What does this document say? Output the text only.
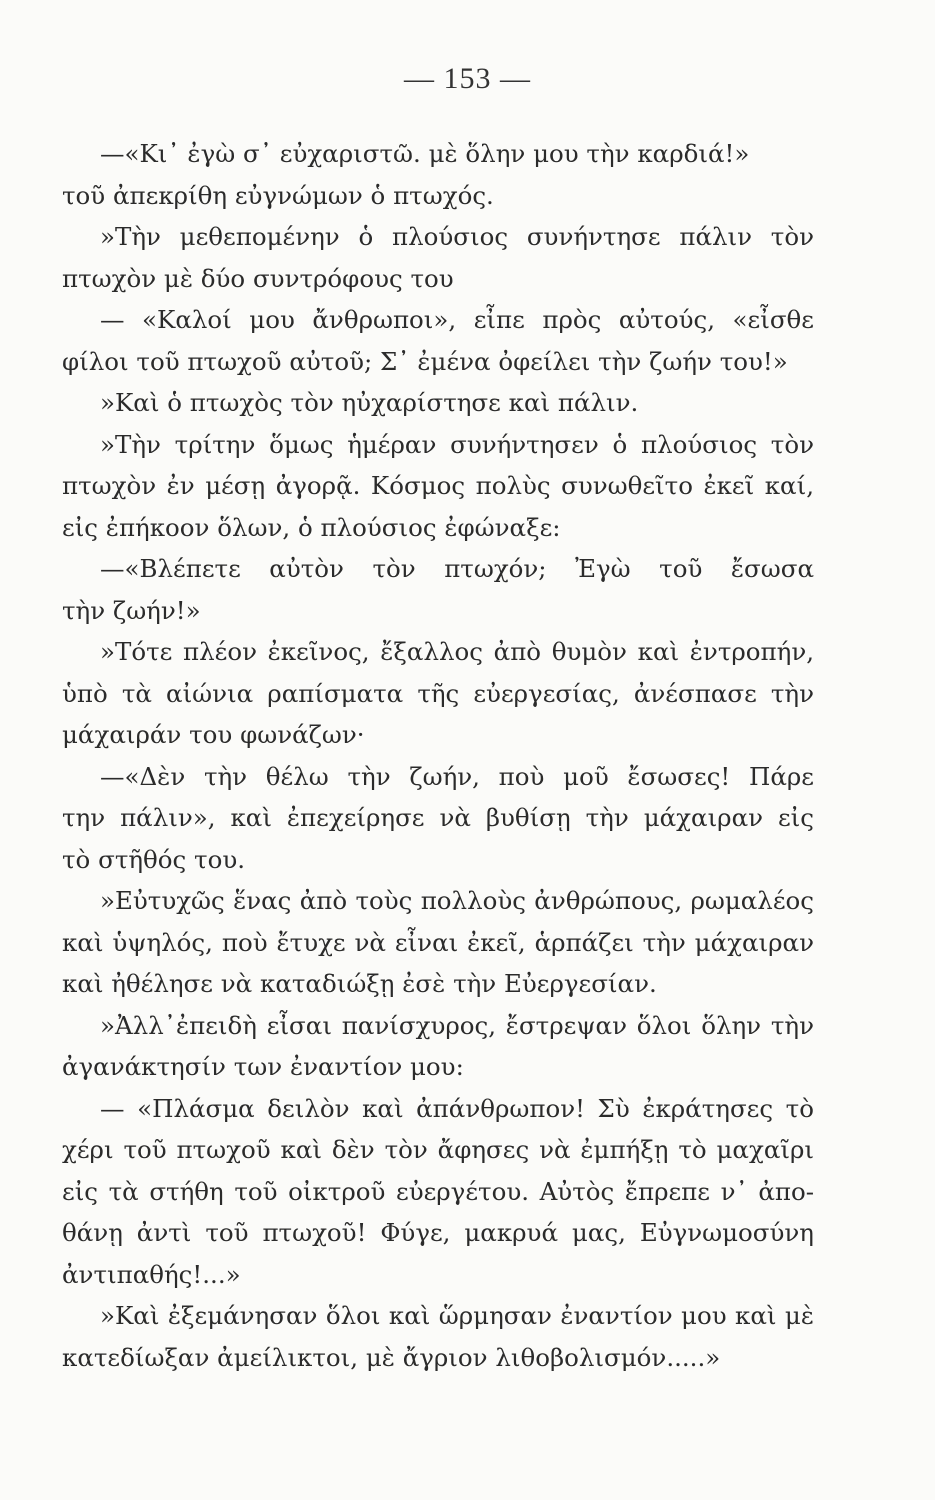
— 153 —
—«Κι᾽ ἐγὼ σ᾽ εὐχαριστῶ. μὲ ὅλην μου τὴν καρδιά!»
τοῦ ἀπεκρίθη εὐγνώμων ὁ πτωχός.
»Τὴν μεθεπομένην ὁ πλούσιος συνήντησε πάλιν τὸν
πτωχὸν μὲ δύο συντρόφους του
— «Καλοί μου ἄνθρωποι», εἶπε πρὸς αὐτούς, «εἶσθε
φίλοι τοῦ πτωχοῦ αὐτοῦ; Σ᾽ ἐμένα ὀφείλει τὴν ζωήν του!»
»Καὶ ὁ πτωχὸς τὸν ηὐχαρίστησε καὶ πάλιν.
»Τὴν τρίτην ὅμως ἡμέραν συνήντησεν ὁ πλούσιος τὸν
πτωχὸν ἐν μέσῃ ἀγορᾷ. Κόσμος πολὺς συνωθεῖτο ἐκεῖ καί,
εἰς ἐπήκοον ὅλων, ὁ πλούσιος ἐφώναξε:
—«Βλέπετε αὐτὸν τὸν πτωχόν; Ἐγὼ τοῦ ἔσωσα
τὴν ζωήν!»
»Τότε πλέον ἐκεῖνος, ἔξαλλος ἀπὸ θυμὸν καὶ ἐντροπήν,
ὑπὸ τὰ αἰώνια ραπίσματα τῆς εὐεργεσίας, ἀνέσπασε τὴν
μάχαιράν του φωνάζων·
—«Δὲν τὴν θέλω τὴν ζωήν, ποὺ μοῦ ἔσωσες! Πάρε
την πάλιν», καὶ ἐπεχείρησε νὰ βυθίσῃ τὴν μάχαιραν εἰς
τὸ στῆθός του.
»Εὐτυχῶς ἕνας ἀπὸ τοὺς πολλοὺς ἀνθρώπους, ρωμαλέος
καὶ ὑψηλός, ποὺ ἔτυχε νὰ εἶναι ἐκεῖ, ἁρπάζει τὴν μάχαιραν
καὶ ἠθέλησε νὰ καταδιώξῃ ἐσὲ τὴν Εὐεργεσίαν.
»Ἀλλ᾽ἐπειδὴ εἶσαι πανίσχυρος, ἔστρεψαν ὅλοι ὅλην τὴν
ἀγανάκτησίν των ἐναντίον μου:
— «Πλάσμα δειλὸν καὶ ἀπάνθρωπον! Σὺ ἐκράτησες τὸ
χέρι τοῦ πτωχοῦ καὶ δὲν τὸν ἄφησες νὰ ἐμπήξῃ τὸ μαχαῖρι
εἰς τὰ στήθη τοῦ οἰκτροῦ εὐεργέτου. Αὐτὸς ἔπρεπε ν᾽ ἀπο-
θάνῃ ἀντὶ τοῦ πτωχοῦ! Φύγε, μακρυά μας, Εὐγνωμοσύνη
ἀντιπαθής!...»
»Καὶ ἐξεμάνησαν ὅλοι καὶ ὥρμησαν ἐναντίον μου καὶ μὲ
κατεδίωξαν ἀμείλικτοι, μὲ ἄγριον λιθοβολισμόν.....»
